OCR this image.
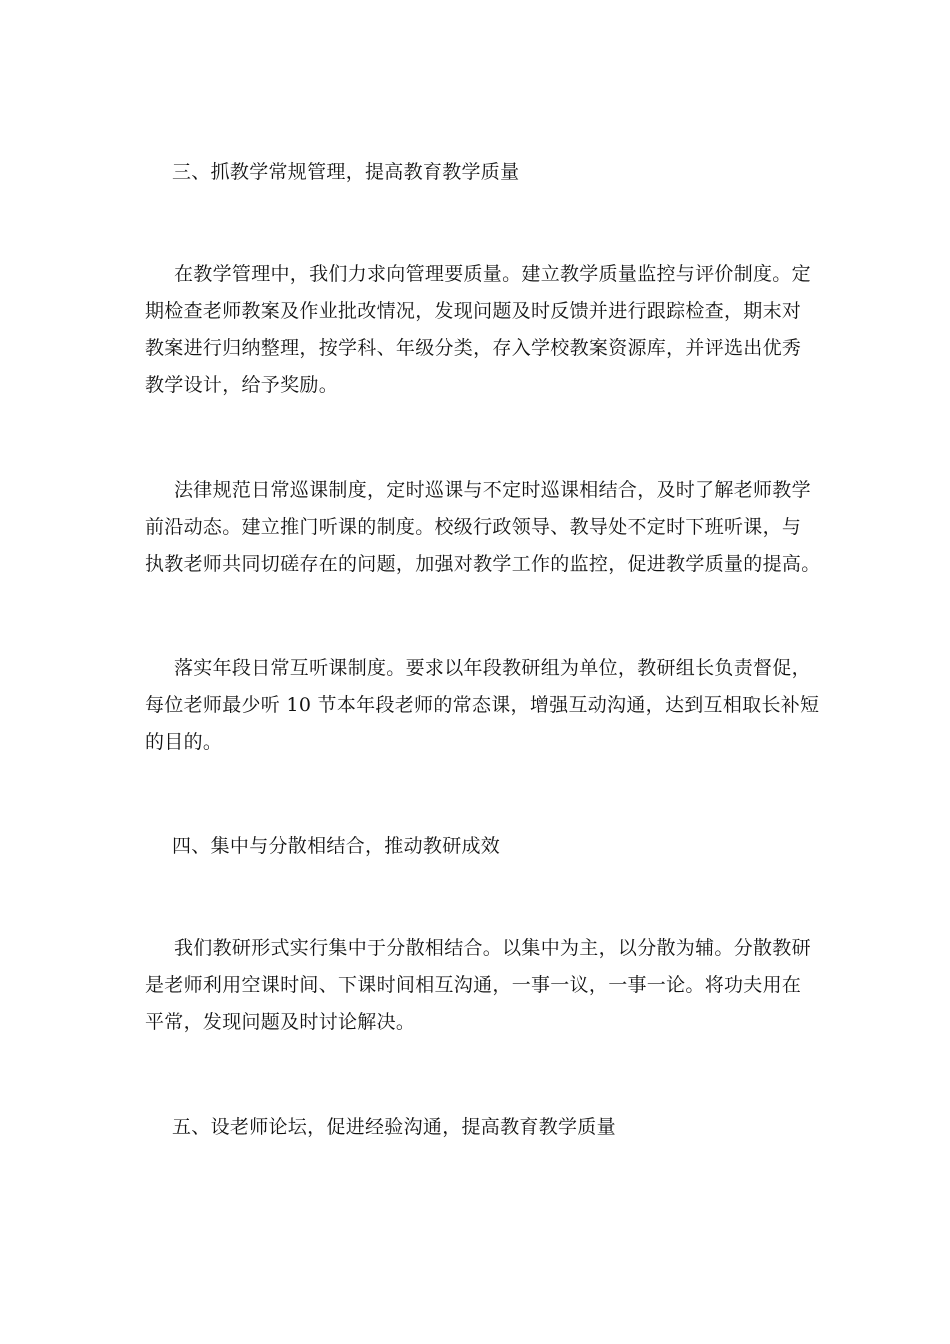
三、抓教学常规管理，提高教育教学质量
在教学管理中，我们力求向管理要质量。建立教学质量监控与评价制度。定
期检查老师教案及作业批改情况，发现问题及时反馈并进行跟踪检查，期末对
教案进行归纳整理，按学科、年级分类，存入学校教案资源库，并评选出优秀
教学设计，给予奖励。
法律规范日常巡课制度，定时巡课与不定时巡课相结合，及时了解老师教学
前沿动态。建立推门听课的制度。校级行政领导、教导处不定时下班听课，与
执教老师共同切磋存在的问题，加强对教学工作的监控，促进教学质量的提高。
落实年段日常互听课制度。要求以年段教研组为单位，教研组长负责督促，
每位老师最少听 10 节本年段老师的常态课，增强互动沟通，达到互相取长补短
的目的。
四、集中与分散相结合，推动教研成效
我们教研形式实行集中于分散相结合。以集中为主，以分散为辅。分散教研
是老师利用空课时间、下课时间相互沟通，一事一议，一事一论。将功夫用在
平常，发现问题及时讨论解决。
五、设老师论坛，促进经验沟通，提高教育教学质量
